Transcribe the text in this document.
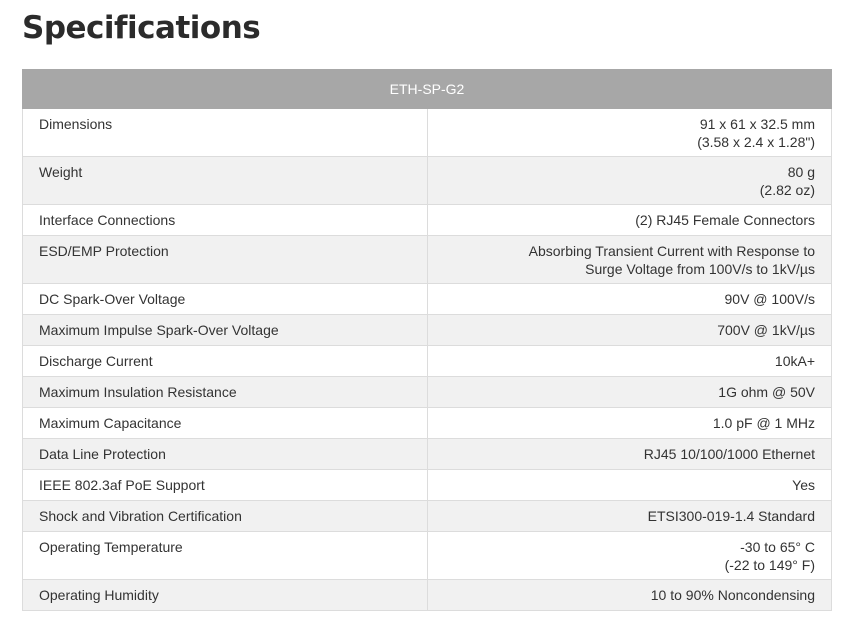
Specifications
ETH-SP-G2	
Dimensions	91 x 61 x 32.5 mm
(3.58 x 2.4 x 1.28")

Weight	80 g
(2.82 oz)

Interface Connections	(2) RJ45 Female Connectors

ESD/EMP Protection	Absorbing Transient Current with Response to
Surge Voltage from 100V/s to 1kV/µs

DC Spark-Over Voltage	90V @ 100V/s

Maximum Impulse Spark-Over Voltage	700V @ 1kV/µs

Discharge Current	10kA+

Maximum Insulation Resistance	1G ohm @ 50V

Maximum Capacitance	1.0 pF @ 1 MHz

Data Line Protection	RJ45 10/100/1000 Ethernet

IEEE 802.3af PoE Support	Yes

Shock and Vibration Certification	ETSI300-019-1.4 Standard

Operating Temperature	-30 to 65° C
(-22 to 149° F)

Operating Humidity	10 to 90% Noncondensing
